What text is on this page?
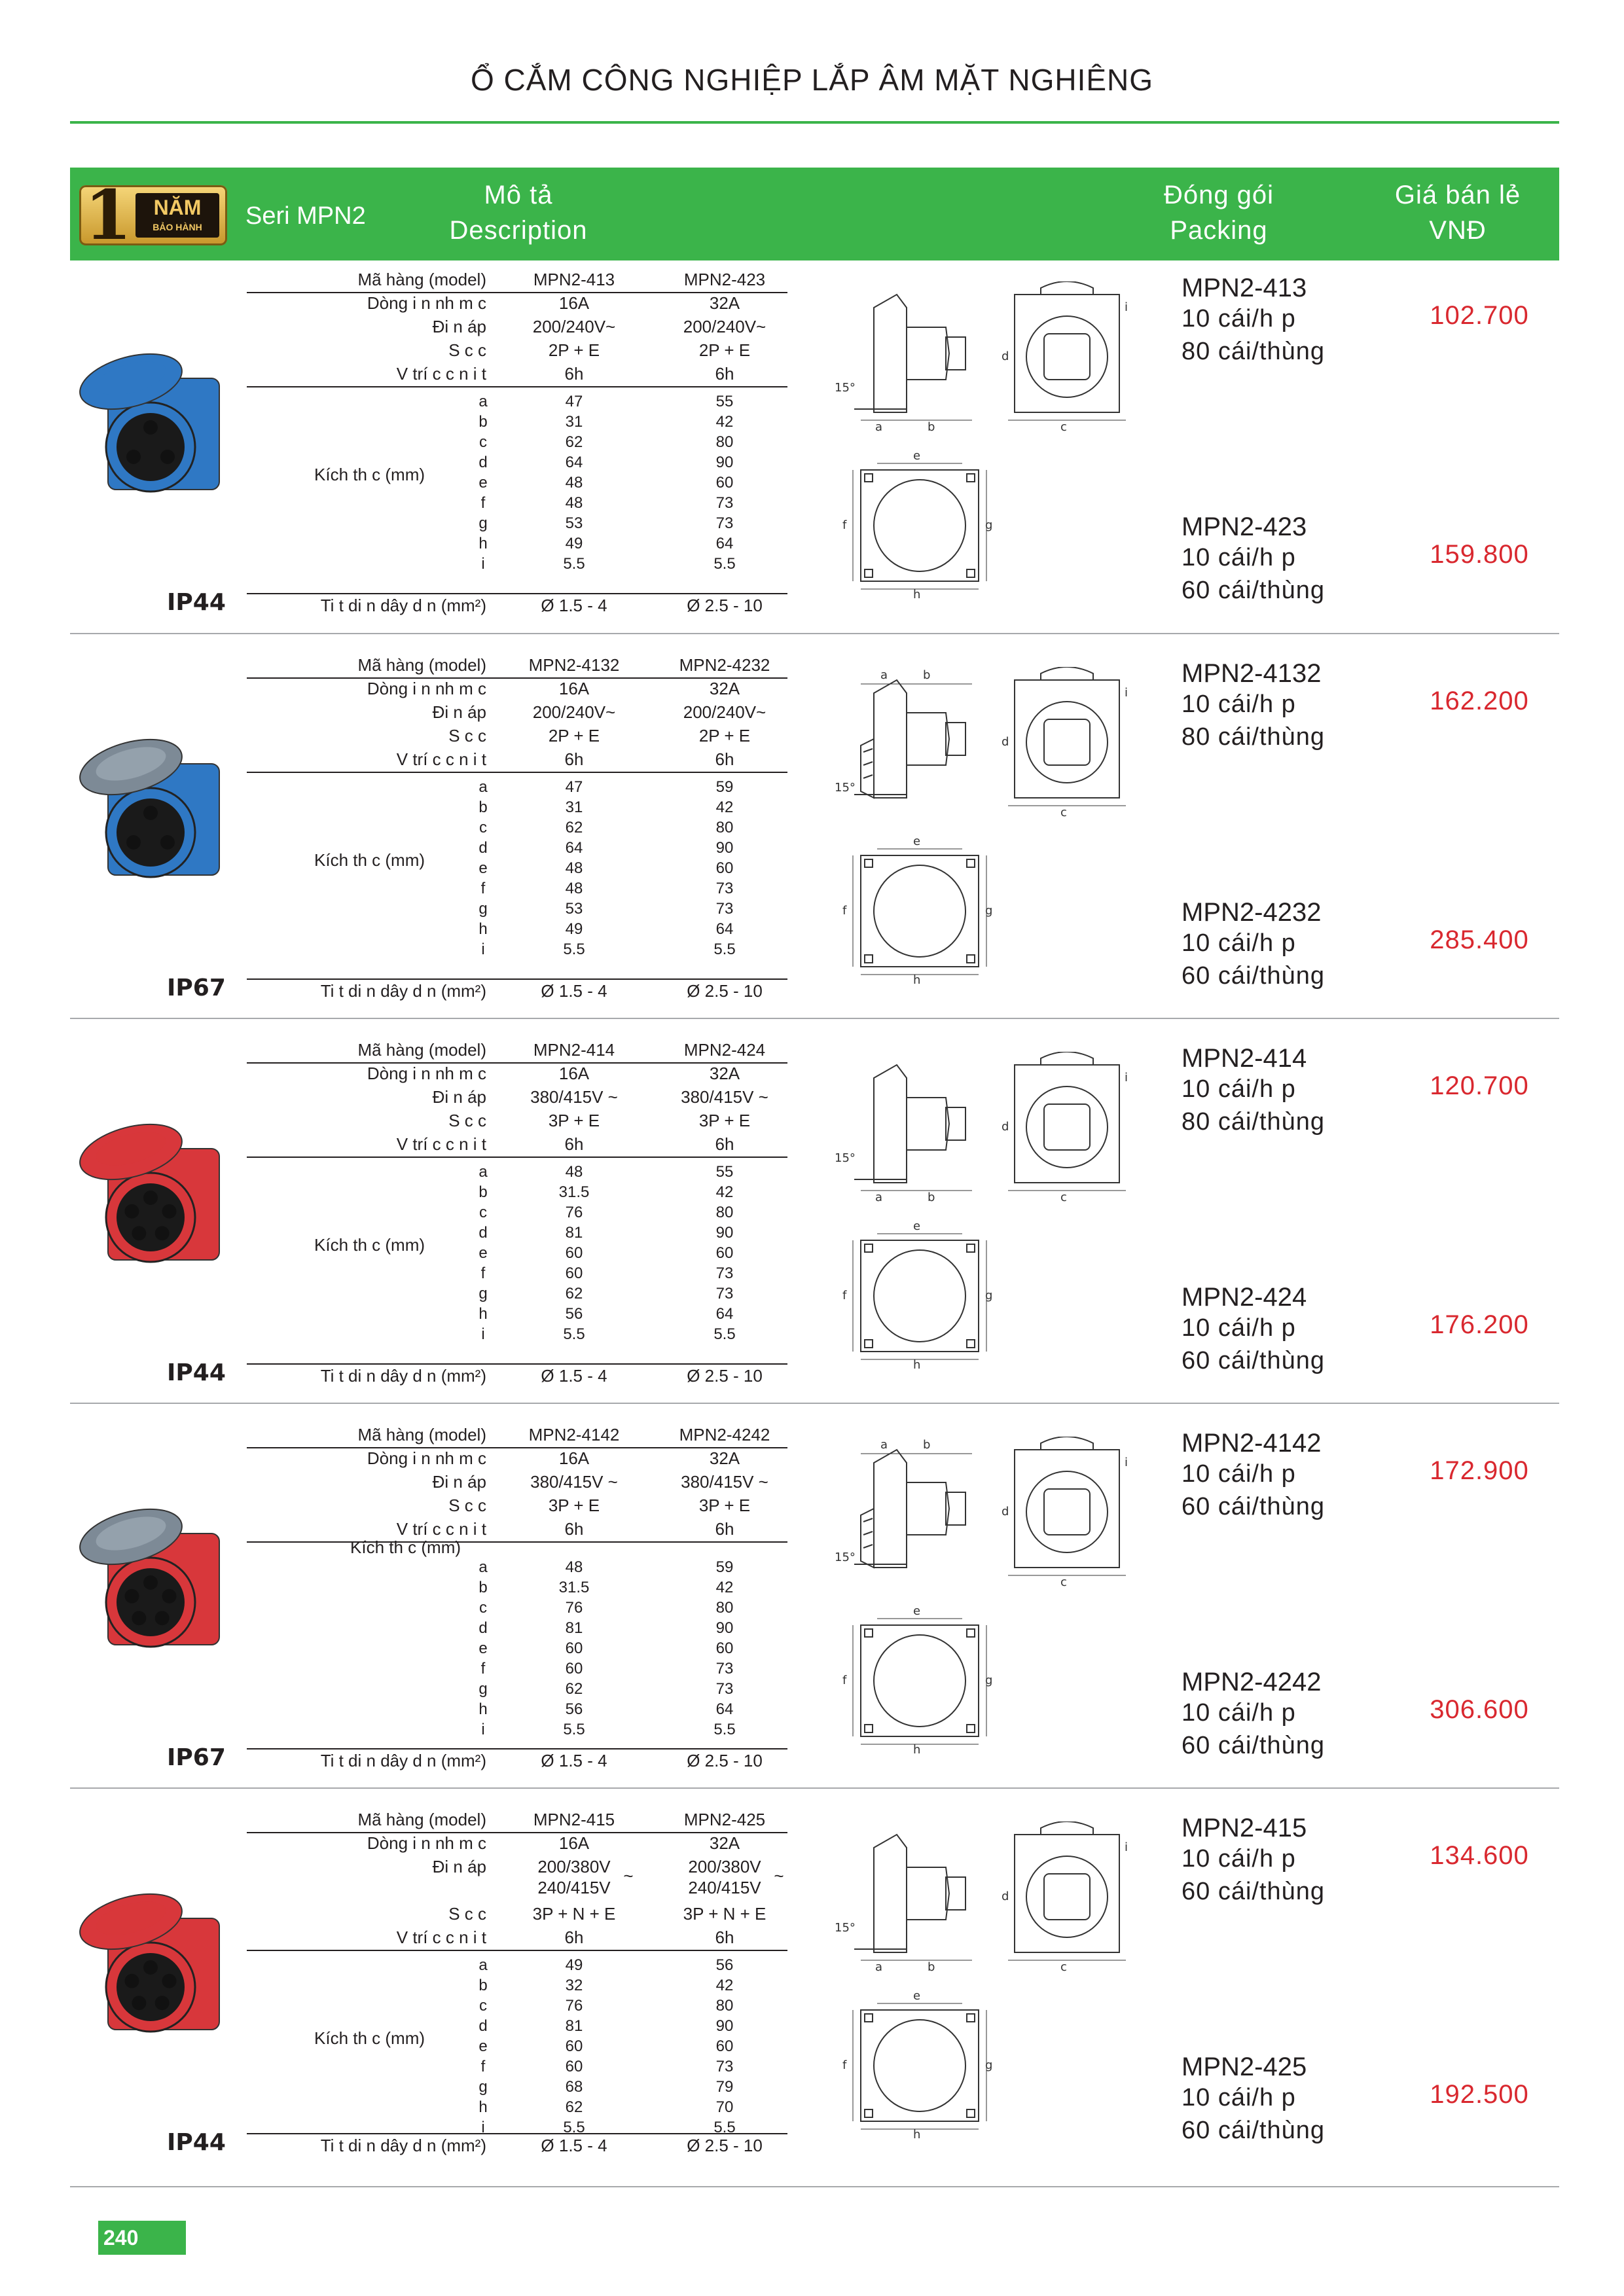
Ổ CẮM CÔNG NGHIỆP LẮP ÂM MẶT NGHIÊNG
1	NĂM
BẢO HÀNH	Seri MPN2
Mô tả
Description
Đóng gói
Packing
Giá bán lẻ
VNĐ
IP44
Mã hàng (model)	MPN2-413	MPN2-423
Dòng i n nh m c	16A	32A
Đi n áp	200/240V~	200/240V~
S c c	2P + E	2P + E
V trí c c n i t	6h	6h
Kích th c (mm)
a	47	55
b	31	42
c	62	80
d	64	90
e	48	60
f	48	73
g	53	73
h	49	64
i	5.5	5.5
Ti t di n dây d n (mm²)	Ø 1.5 - 4	Ø 2.5 - 10
a	b
15°
c
d
i
e
h
f	g
MPN2-413
10 cái/h p
80 cái/thùng
102.700
MPN2-423
10 cái/h p
60 cái/thùng
159.800
IP67
Mã hàng (model) MPN2-4132	MPN2-4232
Dòng i n nh m c	16A	32A
Đi n áp	200/240V~	200/240V~
S c c	2P + E	2P + E
V trí c c n i t	6h	6h
Kích th c (mm)
a	47	59
b	31	42
c	62	80
d	64	90
e	48	60
f	48	73
g	53	73
h	49	64
i	5.5	5.5
Ti t di n dây d n (mm²)	Ø 1.5 - 4	Ø 2.5 - 10
a	b
15°
c
d
i
e
h
f	g
MPN2-4132
10 cái/h p
80 cái/thùng
162.200
MPN2-4232
10 cái/h p
60 cái/thùng
285.400
IP44
Mã hàng (model)	MPN2-414	MPN2-424
Dòng i n nh m c	16A	32A
Đi n áp	380/415V ~	380/415V ~
S c c	3P + E	3P + E
V trí c c n i t	6h	6h
Kích th c (mm)
a	48	55
b	31.5	42
c	76	80
d	81	90
e	60	60
f	60	73
g	62	73
h	56	64
i	5.5	5.5
Ti t di n dây d n (mm²)	Ø 1.5 - 4	Ø 2.5 - 10
a	b
15°
c
d
i
e
h
f	g
MPN2-414
10 cái/h p
80 cái/thùng
120.700
MPN2-424
10 cái/h p
60 cái/thùng
176.200
IP67
Mã hàng (model) MPN2-4142	MPN2-4242
Dòng i n nh m c	16A	32A
Đi n áp	380/415V ~	380/415V ~
S c c	3P + E	3P + E
V trí c c n i t	6h	6h
Kích th c (mm)
a	48	59
b	31.5	42
c	76	80
d	81	90
e	60	60
f	60	73
g	62	73
h	56	64
i	5.5	5.5
Ti t di n dây d n (mm²)	Ø 1.5 - 4	Ø 2.5 - 10
a	b
15°
c
d
i
e
h
f	g
MPN2-4142
10 cái/h p
60 cái/thùng
172.900
MPN2-4242
10 cái/h p
60 cái/thùng
306.600
IP44
Mã hàng (model)	MPN2-415	MPN2-425
Dòng i n nh m c	16A	32A
Đi n áp	200/380V	200/380V
240/415V	240/415V
~	~
S c c	3P + N + E	3P + N + E
V trí c c n i t	6h	6h
Kích th c (mm)
a	49	56
b	32	42
c	76	80
d	81	90
e	60	60
f	60	73
g	68	79
h	62	70
i	5.5	5.5
Ti t di n dây d n (mm²)	Ø 1.5 - 4	Ø 2.5 - 10
a	b
15°
c
d
i
e
h
f	g
MPN2-415
10 cái/h p
60 cái/thùng
134.600
MPN2-425
10 cái/h p
60 cái/thùng
192.500
240
